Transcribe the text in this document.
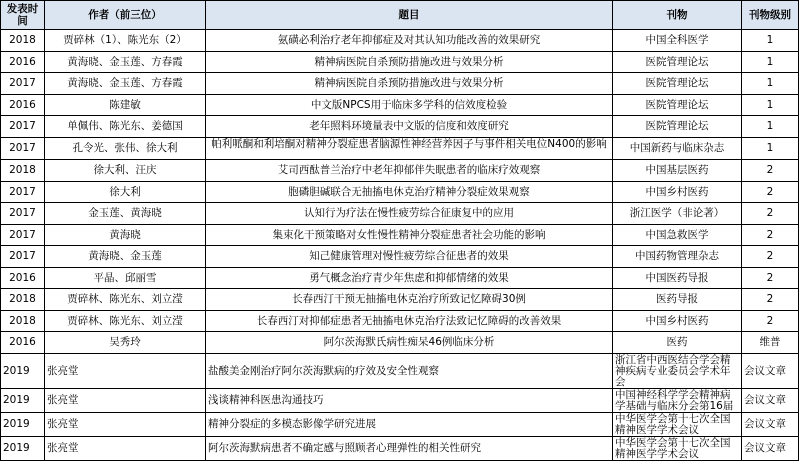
发表时间	作者（前三位）	题目	刊物	刊物级别
2018	贾碎林（1）、陈光东（2）	氨磺必利治疗老年抑郁症及对其认知功能改善的效果研究	中国全科医学	1
2016	黄海晓、金玉莲、方春霞	精神病医院自杀预防措施改进与效果分析	医院管理论坛	1
2017	黄海晓、金玉莲、方春霞	精神病医院自杀预防措施改进与效果分析	医院管理论坛	1
2016	陈建敏	中文版NPCS用于临床多学科的信效度检验	医院管理论坛	1
2017	单佩伟、陈光东、姜德国	老年照料环境量表中文版的信度和效度研究	医院管理论坛	1
2017	孔令光、张伟、徐大利	帕利哌酮和利培酮对精神分裂症患者脑源性神经营养因子与事件相关电位N400的影响	中国新药与临床杂志	1
2018	徐大利、汪庆	艾司西酞普兰治疗中老年抑郁伴失眠患者的临床疗效观察	中国基层医药	2
2017	徐大利	胞磷胆碱联合无抽搐电休克治疗精神分裂症效果观察	中国乡村医药	2
2017	金玉莲、黄海晓	认知行为疗法在慢性疲劳综合征康复中的应用	浙江医学（非论著）	2
2017	黄海晓	集束化干预策略对女性慢性精神分裂症患者社会功能的影响	中国急救医学	2
2017	黄海晓、金玉莲	知己健康管理对慢性疲劳综合征患者的效果	中国药物管理杂志	2
2016	平晶、邱丽雪	勇气概念治疗青少年焦虑和抑郁情绪的效果	中国医药导报	2
2018	贾碎林、陈光东、刘立滢	长春西汀干预无抽搐电休克治疗所致记忆障碍30例	医药导报	2
2018	贾碎林、陈光东、刘立滢	长春西汀对抑郁症患者无抽搐电休克治疗法致记忆障碍的改善效果	中国乡村医药	2
2016	吴秀玲	阿尔茨海默氏病性痴呆46例临床分析	医药	维普
2019	张亮堂	盐酸美金刚治疗阿尔茨海默病的疗效及安全性观察	浙江省中西医结合学会精神疾病专业委员会学术年会	会议文章
2019	张亮堂	浅谈精神科医患沟通技巧	中国神经科学学会精神病学基础与临床分会第16届	会议文章
2019	张亮堂	精神分裂症的多模态影像学研究进展	中华医学会第十七次全国精神医学学术会议	会议文章
2019	张亮堂	阿尔茨海默病患者不确定感与照顾者心理弹性的相关性研究	中华医学会第十七次全国精神医学学术会议	会议文章
